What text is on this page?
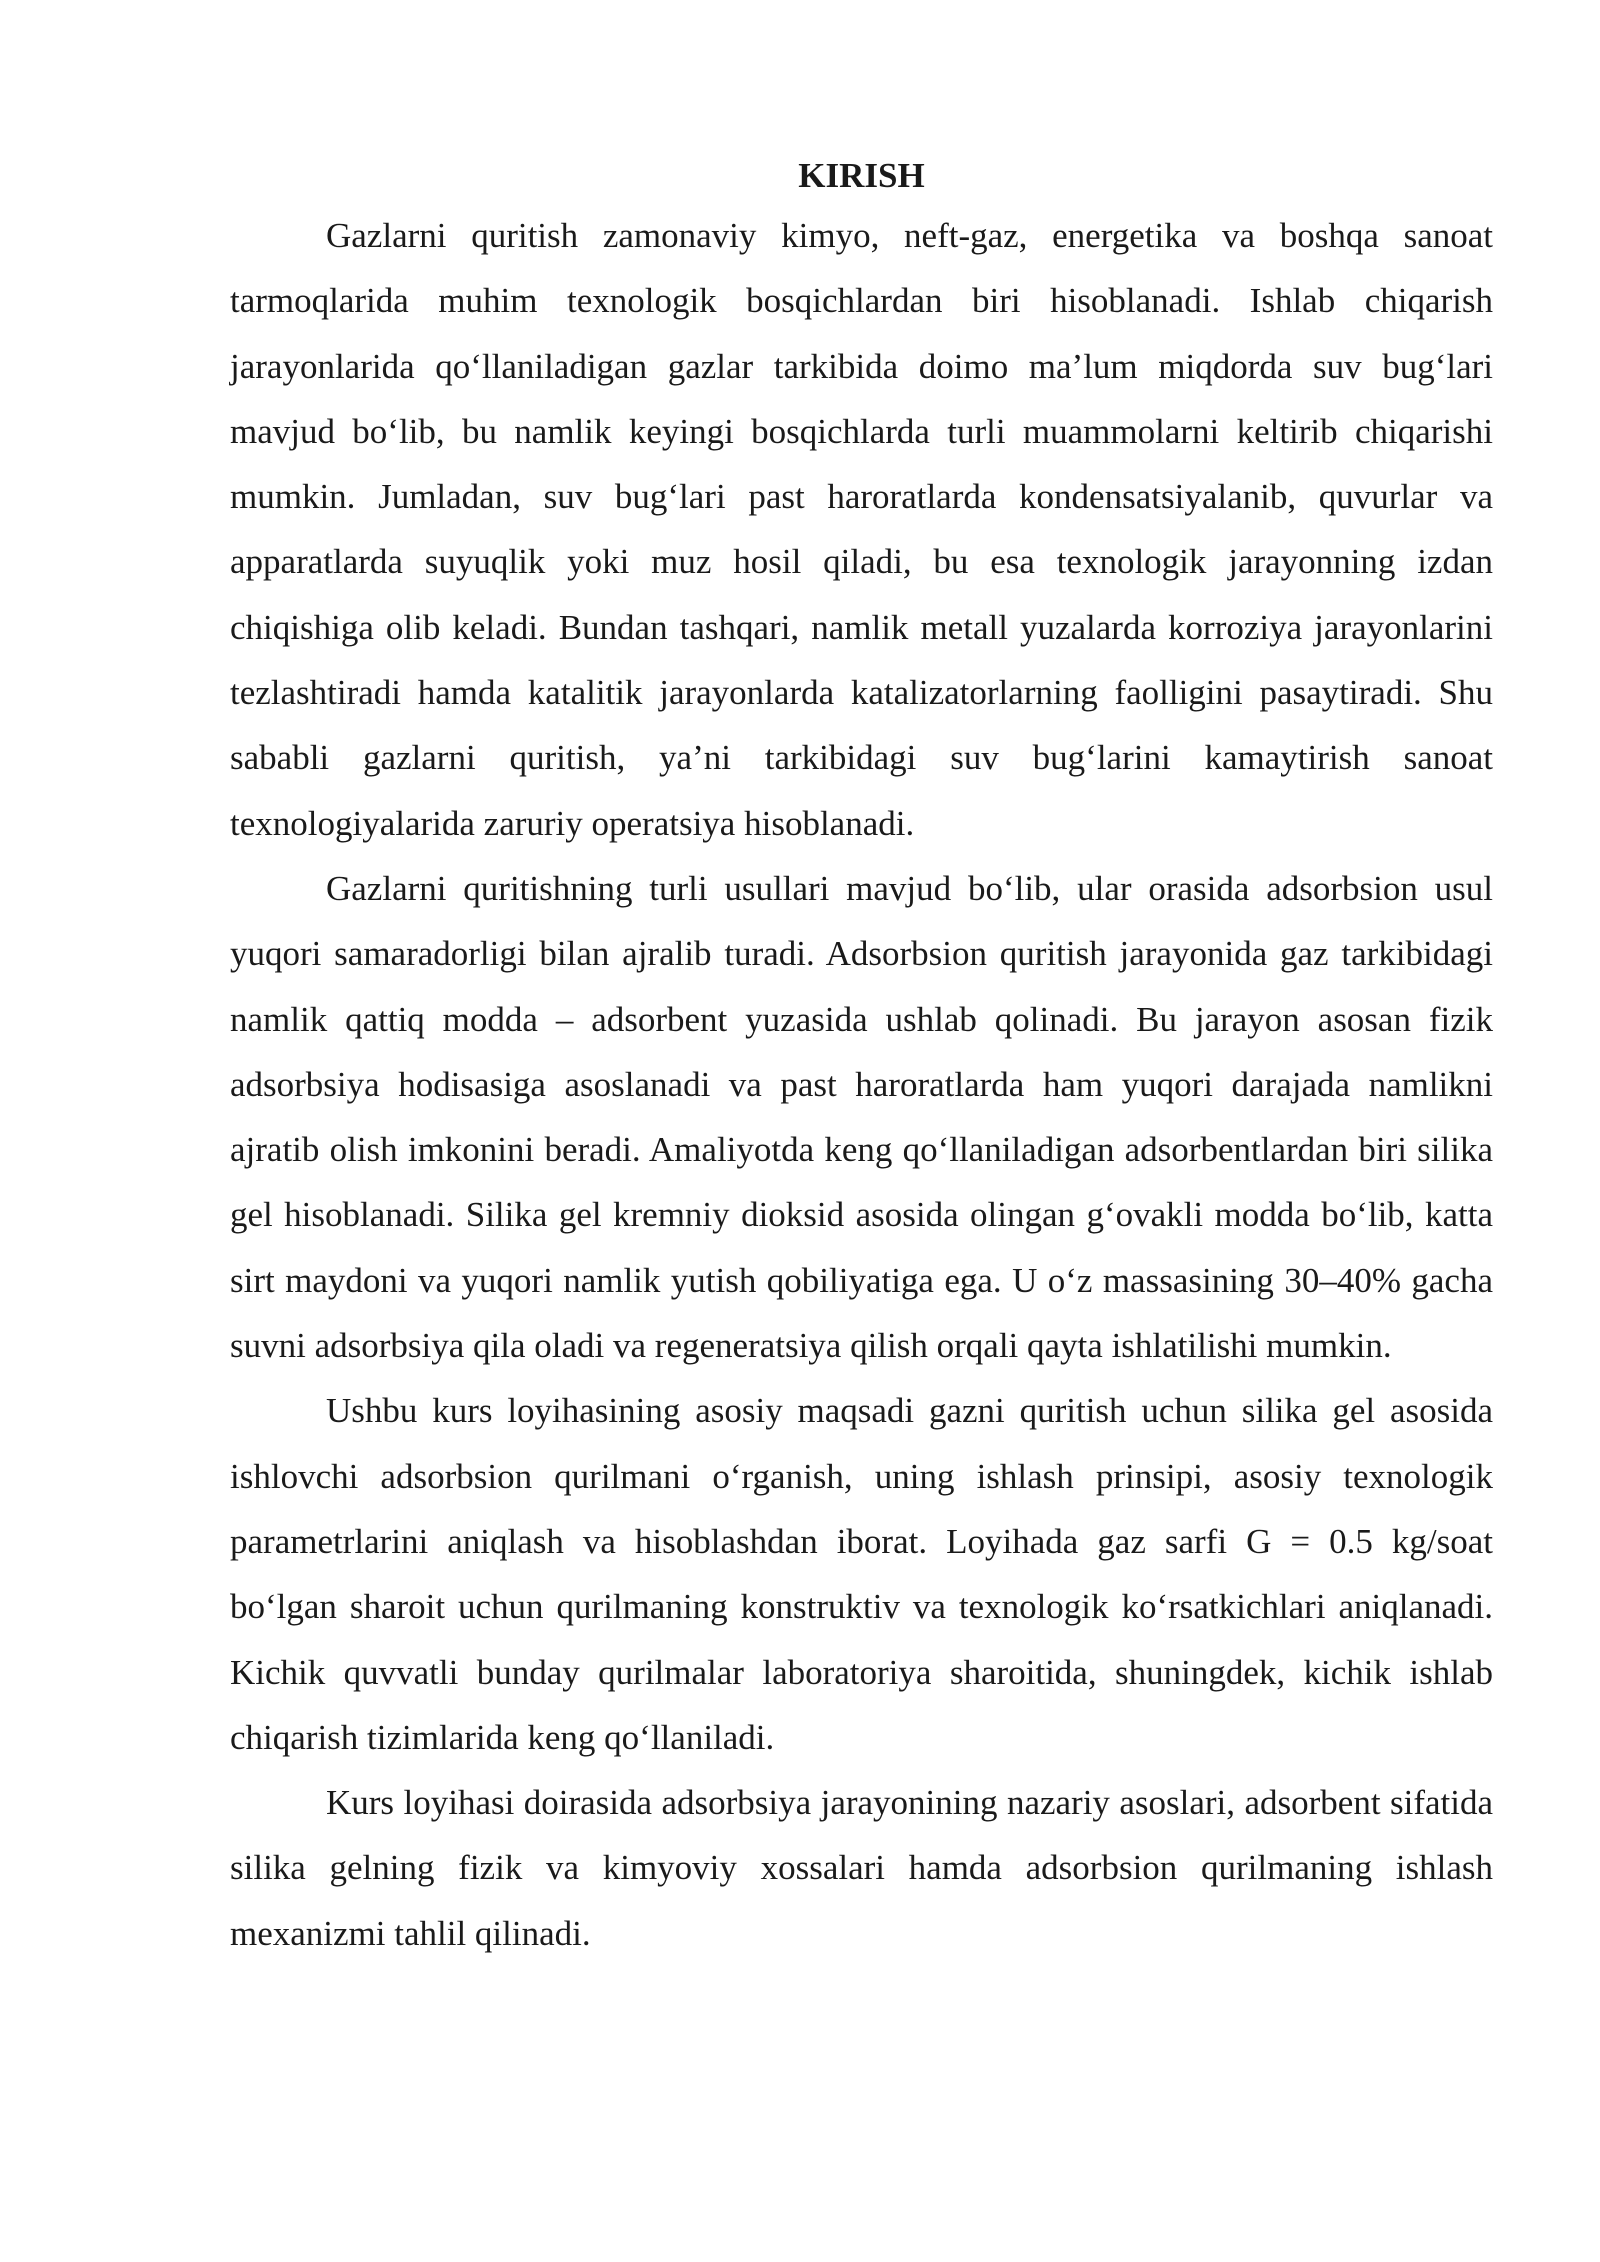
KIRISH

Gazlarni quritish zamonaviy kimyo, neft-gaz, energetika va boshqa sanoat tarmoqlarida muhim texnologik bosqichlardan biri hisoblanadi. Ishlab chiqarish jarayonlarida qo‘llaniladigan gazlar tarkibida doimo ma’lum miqdorda suv bug‘lari mavjud bo‘lib, bu namlik keyingi bosqichlarda turli muammolarni keltirib chiqarishi mumkin. Jumladan, suv bug‘lari past haroratlarda kondensatsiyalanib, quvurlar va apparatlarda suyuqlik yoki muz hosil qiladi, bu esa texnologik jarayonning izdan chiqishiga olib keladi. Bundan tashqari, namlik metall yuzalarda korroziya jarayonlarini tezlashtiradi hamda katalitik jarayonlarda katalizatorlarning faolligini pasaytiradi. Shu sababli gazlarni quritish, ya’ni tarkibidagi suv bug‘larini kamaytirish sanoat texnologiyalarida zaruriy operatsiya hisoblanadi.

Gazlarni quritishning turli usullari mavjud bo‘lib, ular orasida adsorbsion usul yuqori samaradorligi bilan ajralib turadi. Adsorbsion quritish jarayonida gaz tarkibidagi namlik qattiq modda – adsorbent yuzasida ushlab qolinadi. Bu jarayon asosan fizik adsorbsiya hodisasiga asoslanadi va past haroratlarda ham yuqori darajada namlikni ajratib olish imkonini beradi. Amaliyotda keng qo‘llaniladigan adsorbentlardan biri silika gel hisoblanadi. Silika gel kremniy dioksid asosida olingan g‘ovakli modda bo‘lib, katta sirt maydoni va yuqori namlik yutish qobiliyatiga ega. U o‘z massasining 30–40% gacha suvni adsorbsiya qila oladi va regeneratsiya qilish orqali qayta ishlatilishi mumkin.

Ushbu kurs loyihasining asosiy maqsadi gazni quritish uchun silika gel asosida ishlovchi adsorbsion qurilmani o‘rganish, uning ishlash prinsipi, asosiy texnologik parametrlarini aniqlash va hisoblashdan iborat. Loyihada gaz sarfi G = 0.5 kg/soat bo‘lgan sharoit uchun qurilmaning konstruktiv va texnologik ko‘rsatkichlari aniqlanadi. Kichik quvvatli bunday qurilmalar laboratoriya sharoitida, shuningdek, kichik ishlab chiqarish tizimlarida keng qo‘llaniladi.

Kurs loyihasi doirasida adsorbsiya jarayonining nazariy asoslari, adsorbent sifatida silika gelning fizik va kimyoviy xossalari hamda adsorbsion qurilmaning ishlash mexanizmi tahlil qilinadi.
